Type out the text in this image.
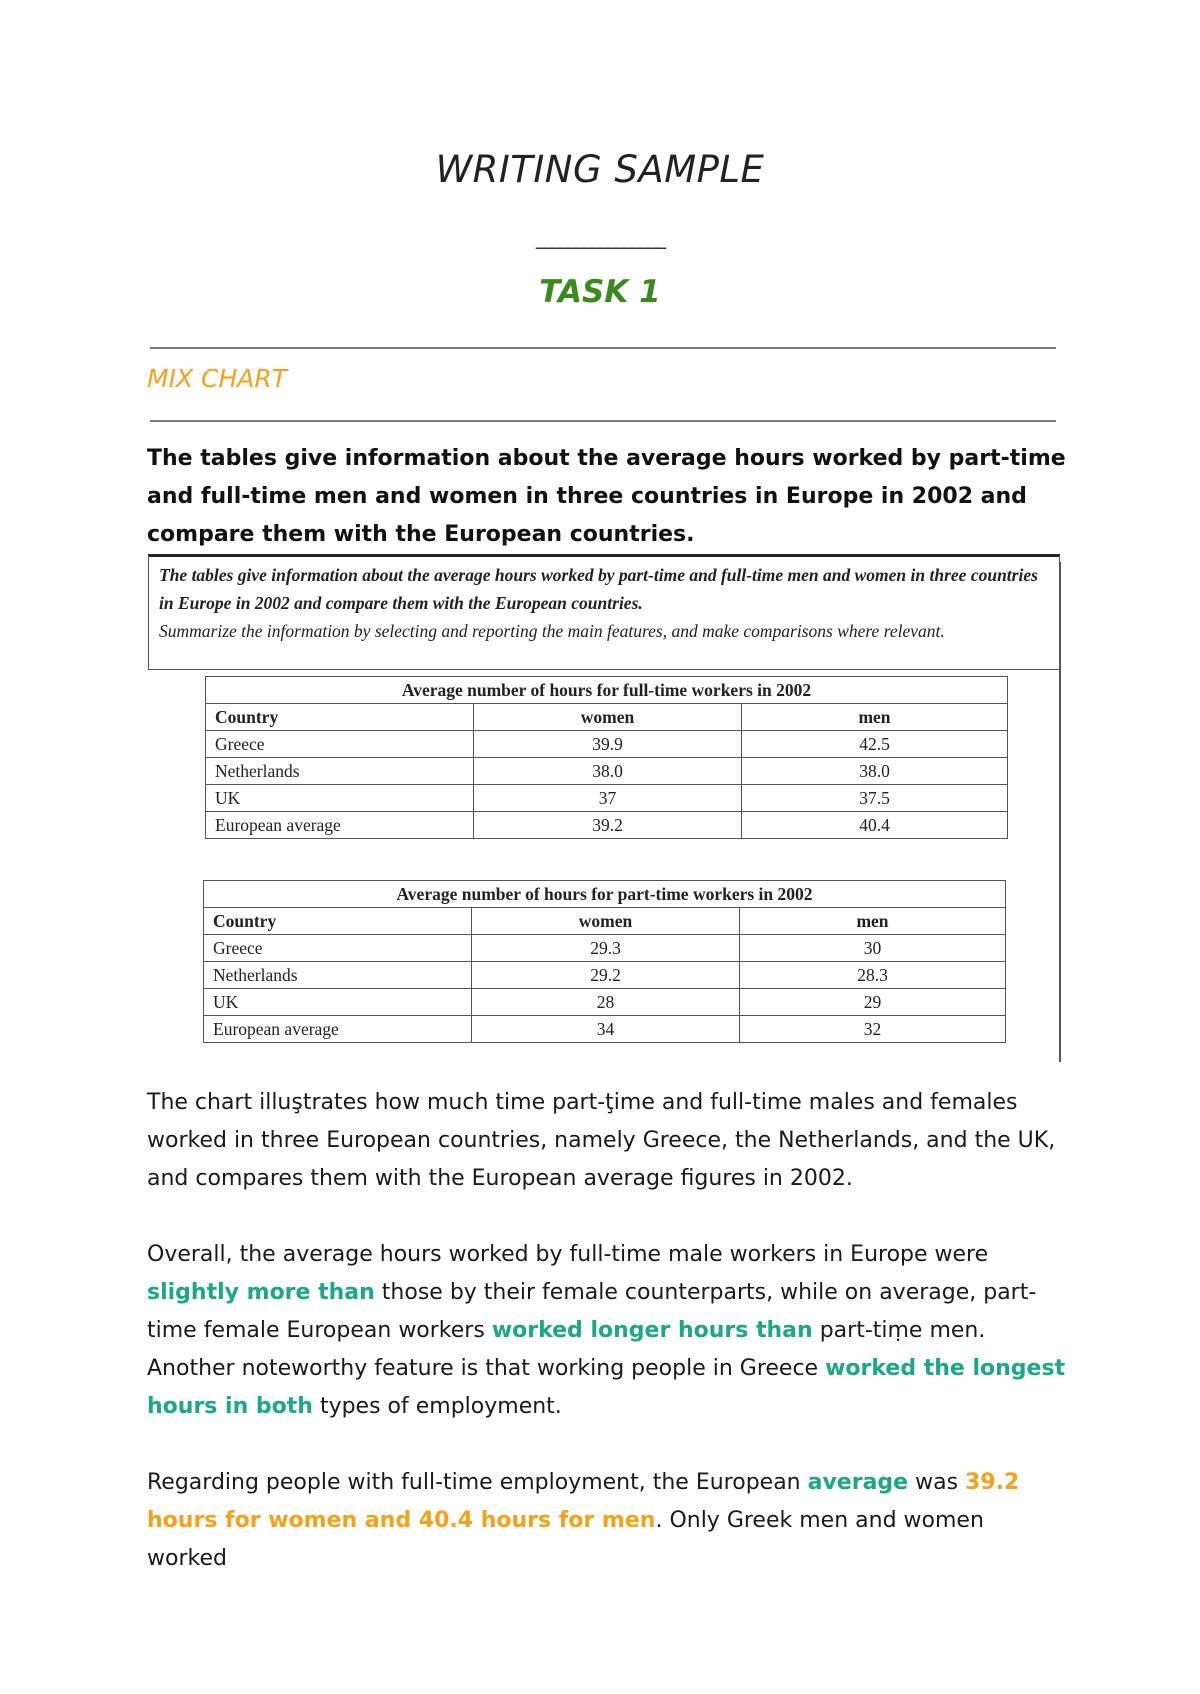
WRITING SAMPLE
________________
TASK 1
MIX CHART
The tables give information about the average hours worked by part-time and full-time men and women in three countries in Europe in 2002 and compare them with the European countries.
The tables give information about the average hours worked by part-time and full-time men and women in three countries in Europe in 2002 and compare them with the European countries.
Summarize the information by selecting and reporting the main features, and make comparisons where relevant.
Average number of hours for full-time workers in 2002		
Country	women	men
Greece	39.9	42.5
Netherlands	38.0	38.0
UK	37	37.5
European average	39.2	40.4
Average number of hours for part-time workers in 2002		
Country	women	men
Greece	29.3	30
Netherlands	29.2	28.3
UK	28	29
European average	34	32
The chart illuştrates how much time part-ţime and full-time males and females worked in three European countries, namely Greece, the Netherlands, and the UK, and compares them with the European average figures in 2002.
Overall, the average hours worked by full-time male workers in Europe were slightly more than those by their female counterparts, while on average, part-time female European workers worked longer hours than part-tiṃe men. Another noteworthy feature is that working people in Greece worked the longest hours in both types of employment.
Regarding people with full-time employment, the European average was 39.2 hours for women and 40.4 hours for men. Only Greek men and women worked
